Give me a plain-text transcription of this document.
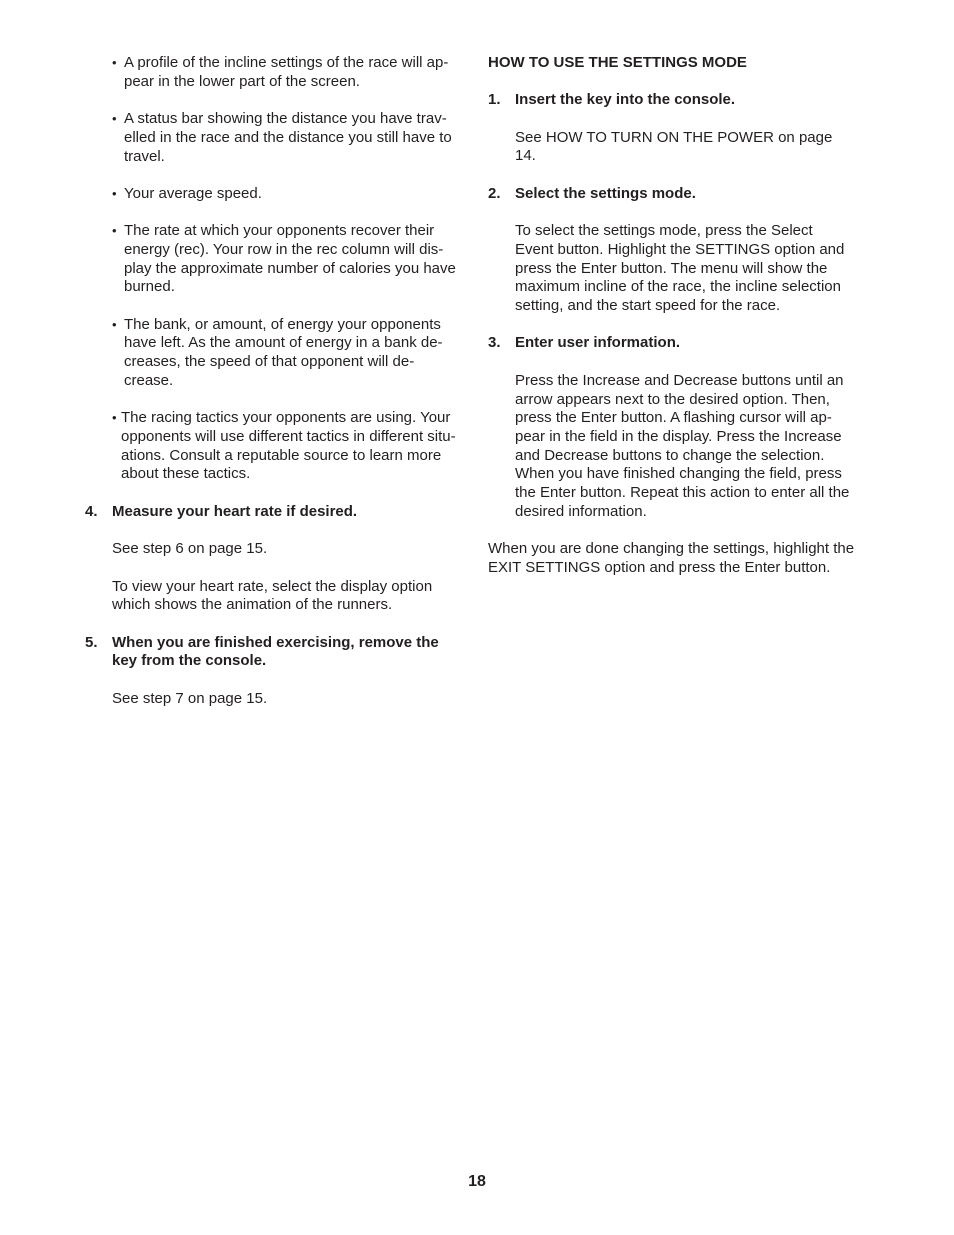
• A profile of the incline settings of the race will ap-
pear in the lower part of the screen.
• A status bar showing the distance you have trav-
elled in the race and the distance you still have to
travel.
• Your average speed.
• The rate at which your opponents recover their
energy (rec). Your row in the rec column will dis-
play the approximate number of calories you have
burned.
• The bank, or amount, of energy your opponents
have left. As the amount of energy in a bank de-
creases, the speed of that opponent will de-
crease.
• The racing tactics your opponents are using. Your
opponents will use different tactics in different situ-
ations. Consult a reputable source to learn more
about these tactics.
4. Measure your heart rate if desired.
See step 6 on page 15.
To view your heart rate, select the display option
which shows the animation of the runners.
5. When you are finished exercising, remove the
key from the console.
See step 7 on page 15.
HOW TO USE THE SETTINGS MODE
1. Insert the key into the console.
See HOW TO TURN ON THE POWER on page
14.
2. Select the settings mode.
To select the settings mode, press the Select
Event button. Highlight the SETTINGS option and
press the Enter button. The menu will show the
maximum incline of the race, the incline selection
setting, and the start speed for the race.
3. Enter user information.
Press the Increase and Decrease buttons until an
arrow appears next to the desired option. Then,
press the Enter button. A flashing cursor will ap-
pear in the field in the display. Press the Increase
and Decrease buttons to change the selection.
When you have finished changing the field, press
the Enter button. Repeat this action to enter all the
desired information.
When you are done changing the settings, highlight the
EXIT SETTINGS option and press the Enter button.
18
